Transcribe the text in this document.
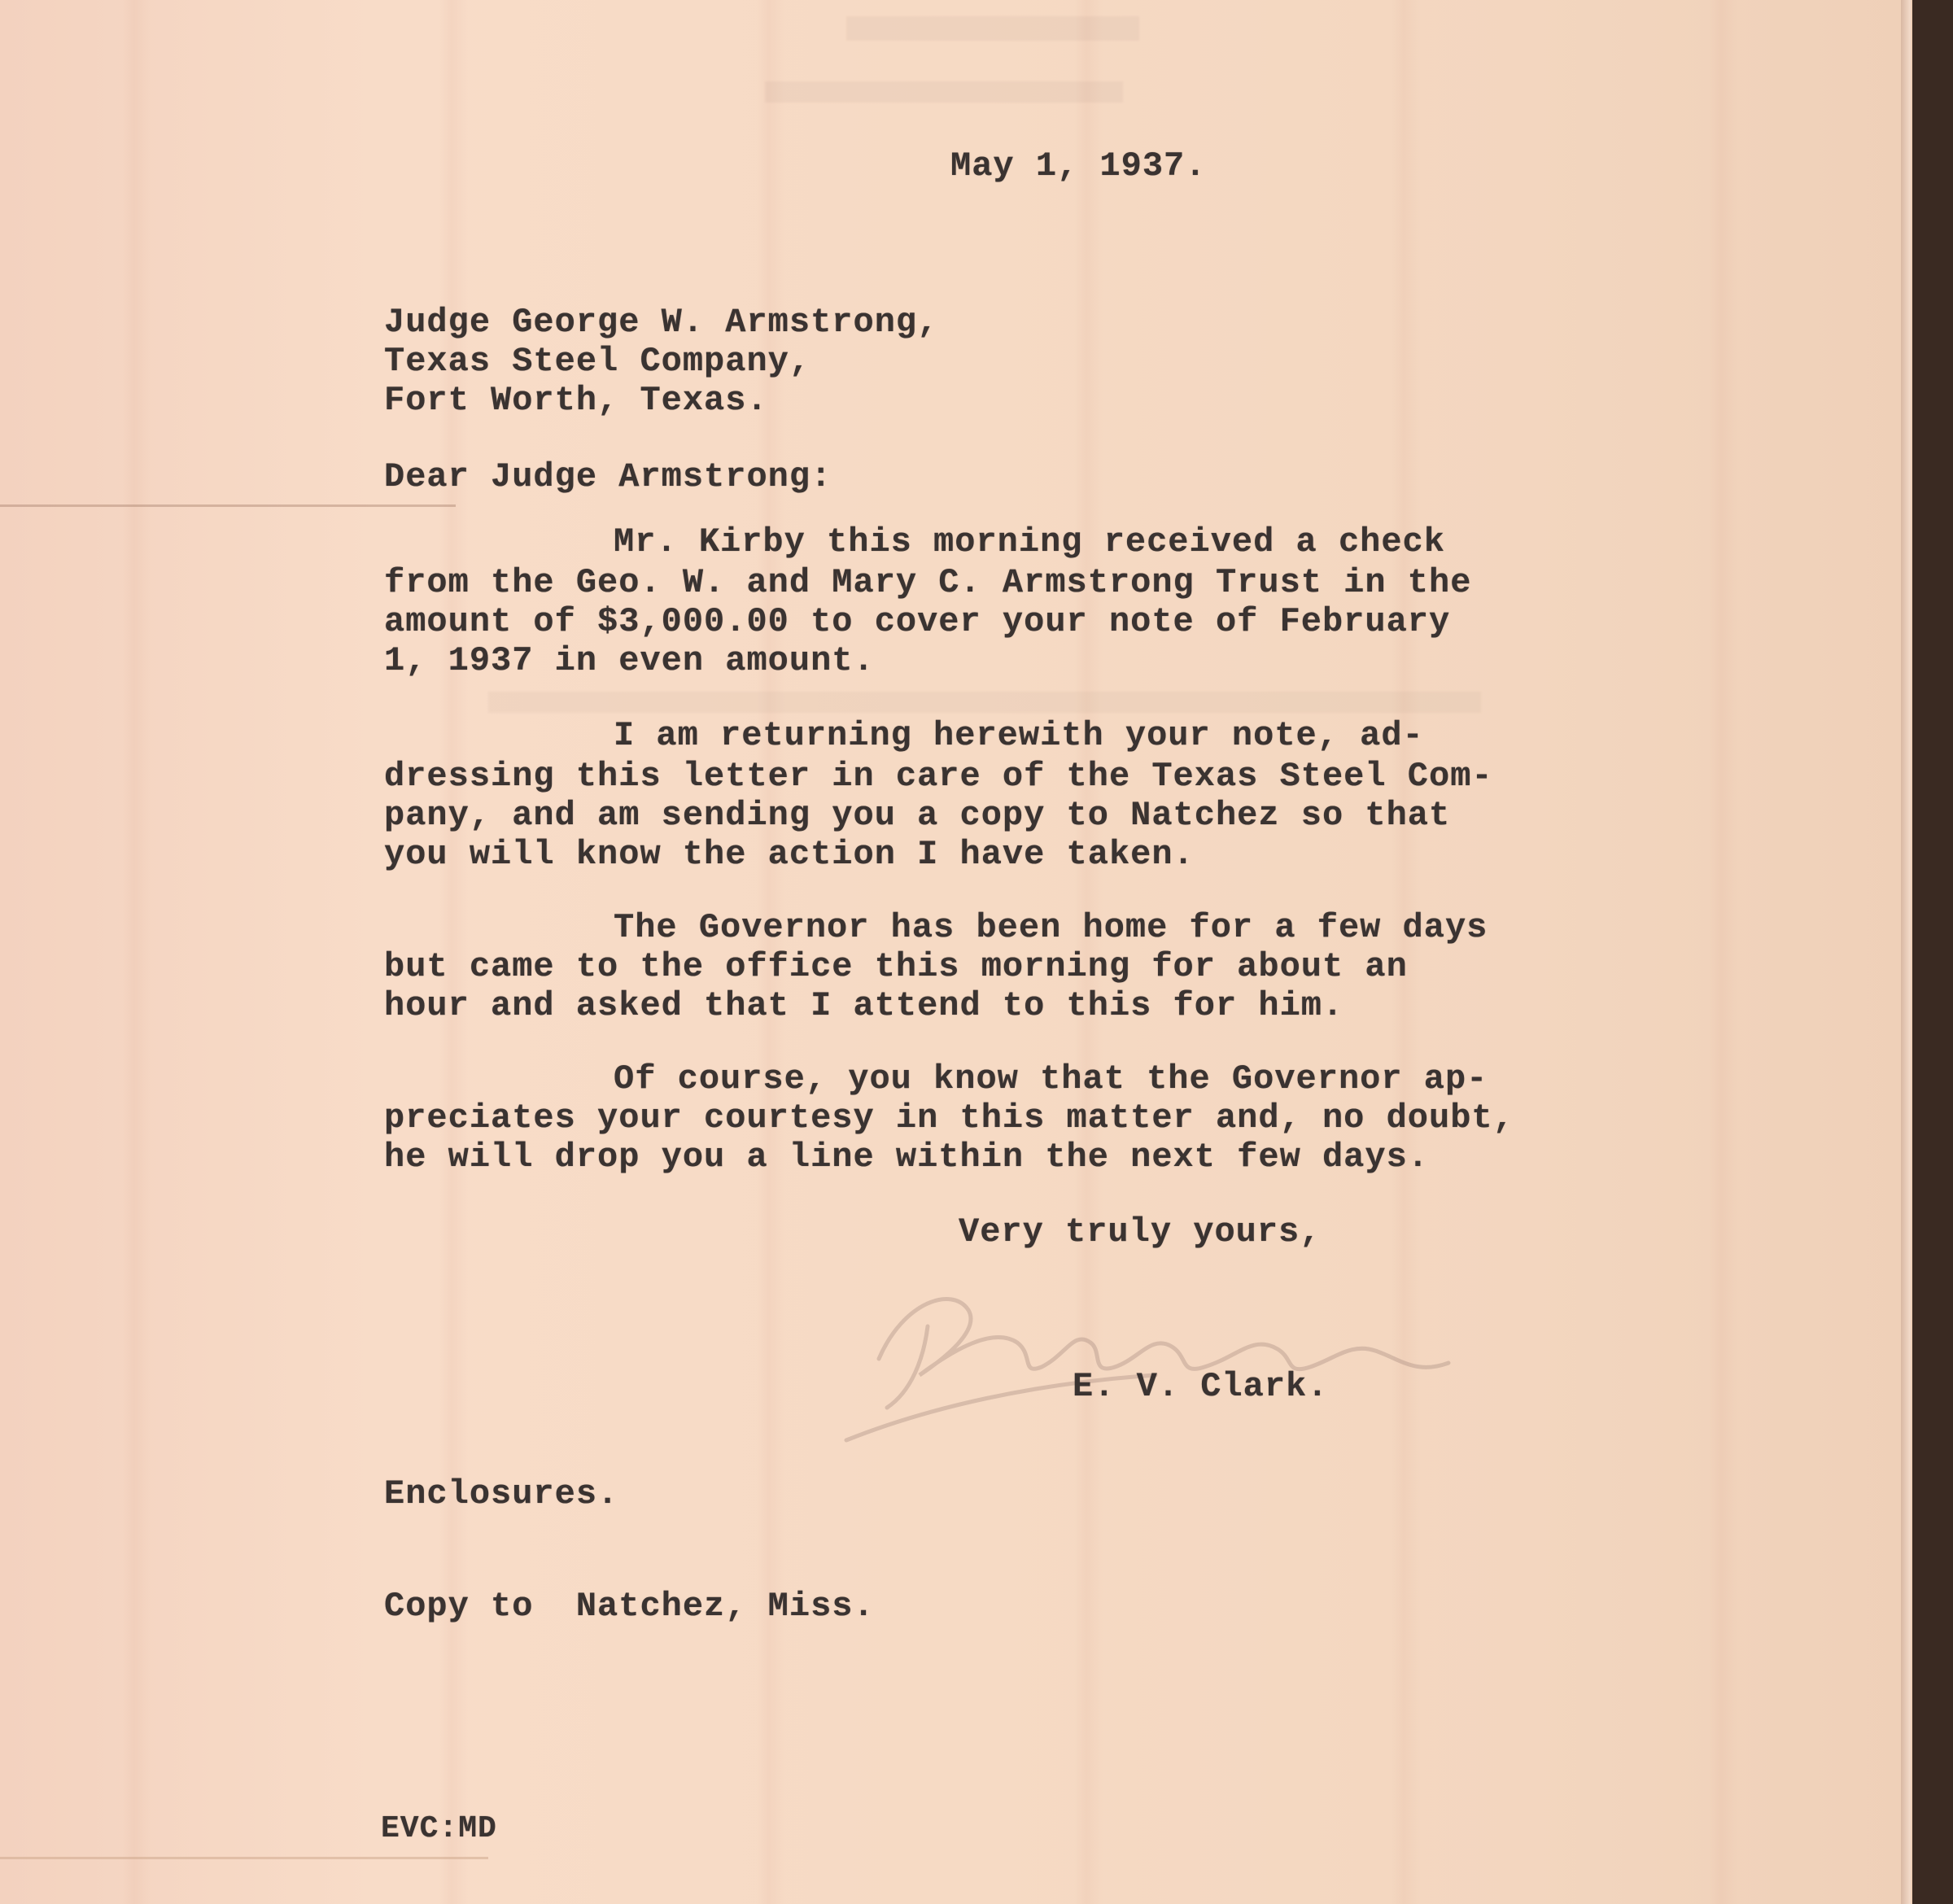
May 1, 1937.

Judge George W. Armstrong,

Texas Steel Company,

Fort Worth, Texas.

Dear Judge Armstrong:

Mr. Kirby this morning received a check

from the Geo. W. and Mary C. Armstrong Trust in the

amount of $3,000.00 to cover your note of February

1, 1937 in even amount.

I am returning herewith your note, ad-

dressing this letter in care of the Texas Steel Com-

pany, and am sending you a copy to Natchez so that

you will know the action I have taken.

The Governor has been home for a few days

but came to the office this morning for about an

hour and asked that I attend to this for him.

Of course, you know that the Governor ap-

preciates your courtesy in this matter and, no doubt,

he will drop you a line within the next few days.

Very truly yours,

E. V. Clark.

Enclosures.

Copy to  Natchez, Miss.

EVC:MD
